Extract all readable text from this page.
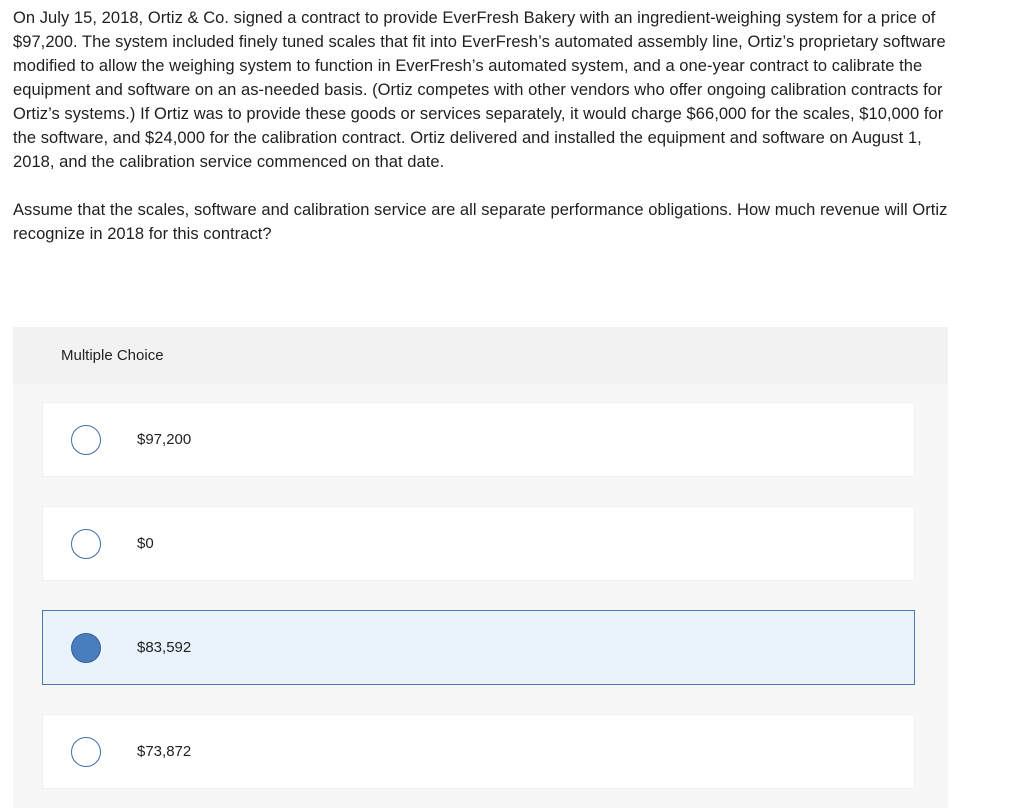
On July 15, 2018, Ortiz & Co. signed a contract to provide EverFresh Bakery with an ingredient-weighing system for a price of $97,200. The system included finely tuned scales that fit into EverFresh’s automated assembly line, Ortiz’s proprietary software modified to allow the weighing system to function in EverFresh’s automated system, and a one-year contract to calibrate the equipment and software on an as-needed basis. (Ortiz competes with other vendors who offer ongoing calibration contracts for Ortiz’s systems.) If Ortiz was to provide these goods or services separately, it would charge $66,000 for the scales, $10,000 for the software, and $24,000 for the calibration contract. Ortiz delivered and installed the equipment and software on August 1, 2018, and the calibration service commenced on that date.

Assume that the scales, software and calibration service are all separate performance obligations. How much revenue will Ortiz recognize in 2018 for this contract?

Multiple Choice
$97,200
$0
$83,592
$73,872
